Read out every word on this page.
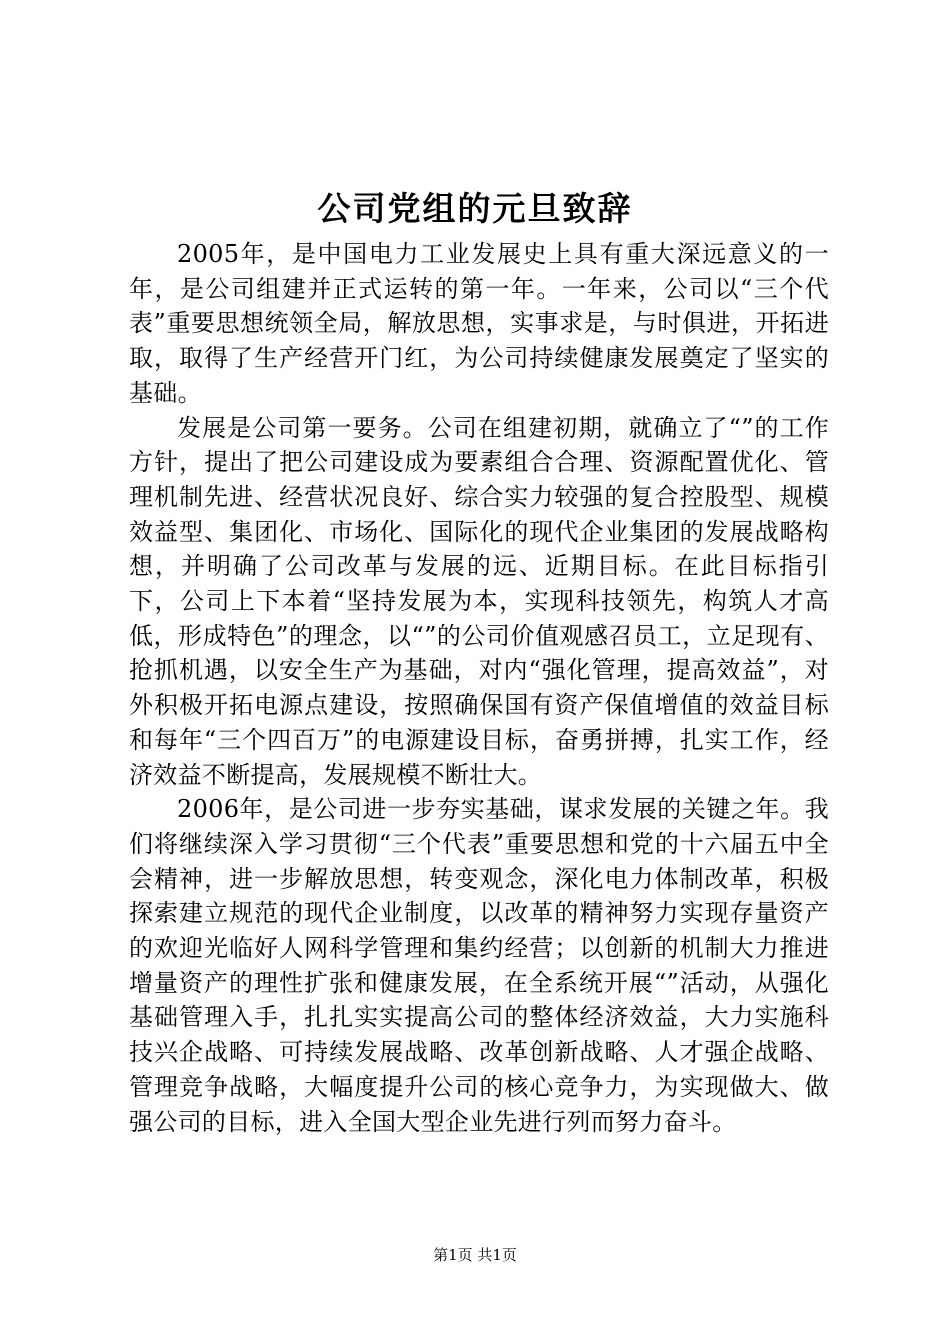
公司党组的元旦致辞

2005年，是中国电力工业发展史上具有重大深远意义的一年，是公司组建并正式运转的第一年。一年来，公司以“三个代表”重要思想统领全局，解放思想，实事求是，与时俱进，开拓进取，取得了生产经营开门红，为公司持续健康发展奠定了坚实的基础。

发展是公司第一要务。公司在组建初期，就确立了“”的工作方针，提出了把公司建设成为要素组合合理、资源配置优化、管理机制先进、经营状况良好、综合实力较强的复合控股型、规模效益型、集团化、市场化、国际化的现代企业集团的发展战略构想，并明确了公司改革与发展的远、近期目标。在此目标指引下，公司上下本着“坚持发展为本，实现科技领先，构筑人才高低，形成特色”的理念，以“”的公司价值观感召员工，立足现有、抢抓机遇，以安全生产为基础，对内“强化管理，提高效益”，对外积极开拓电源点建设，按照确保国有资产保值增值的效益目标和每年“三个四百万”的电源建设目标，奋勇拼搏，扎实工作，经济效益不断提高，发展规模不断壮大。

2006年，是公司进一步夯实基础，谋求发展的关键之年。我们将继续深入学习贯彻“三个代表”重要思想和党的十六届五中全会精神，进一步解放思想，转变观念，深化电力体制改革，积极探索建立规范的现代企业制度，以改革的精神努力实现存量资产的欢迎光临好人网科学管理和集约经营；以创新的机制大力推进增量资产的理性扩张和健康发展，在全系统开展“”活动，从强化基础管理入手，扎扎实实提高公司的整体经济效益，大力实施科技兴企战略、可持续发展战略、改革创新战略、人才强企战略、管理竞争战略，大幅度提升公司的核心竞争力，为实现做大、做强公司的目标，进入全国大型企业先进行列而努力奋斗。

第1页 共1页
